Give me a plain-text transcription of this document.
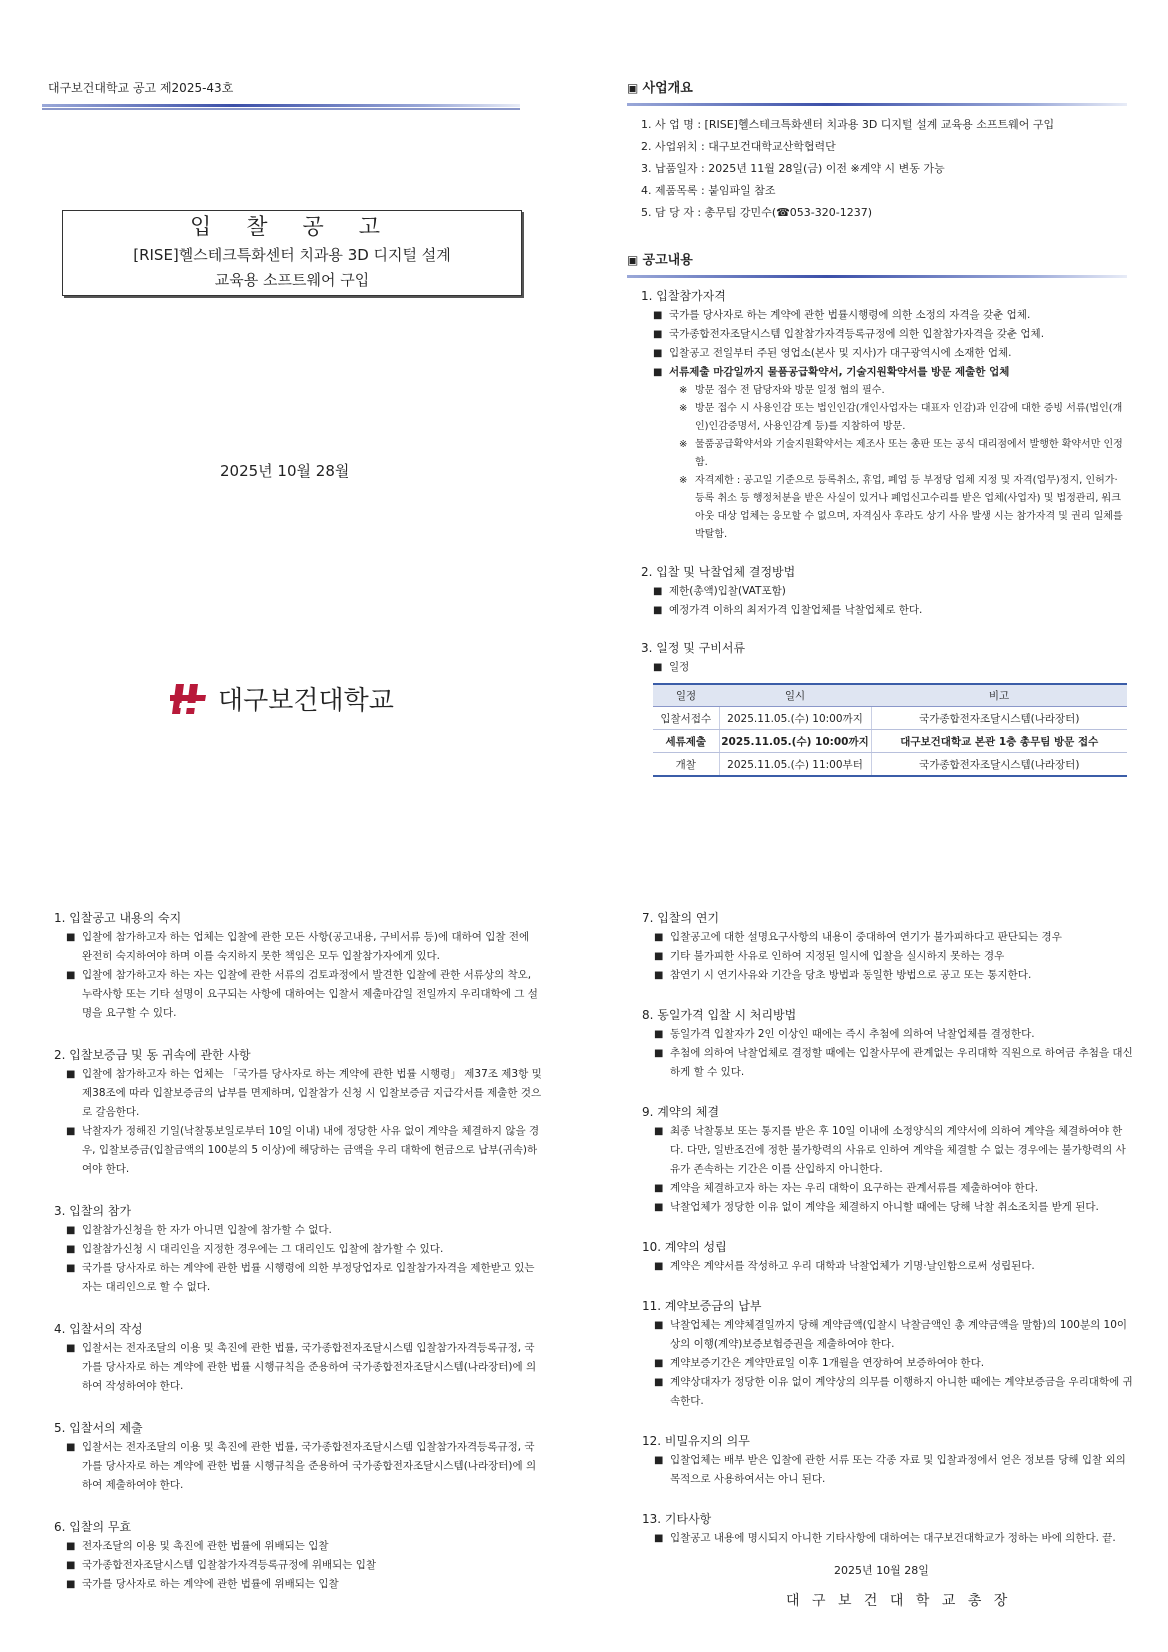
대구보건대학교 공고 제2025-43호
입 찰 공 고
[RISE]헬스테크특화센터 치과용 3D 디지털 설계
교육용 소프트웨어 구입
2025년 10월 28월
대구보건대학교
▣ 사업개요
1. 사 업 명 : [RISE]헬스테크특화센터 치과용 3D 디지털 설계 교육용 소프트웨어 구입
2. 사업위치 : 대구보건대학교산학협력단
3. 납품일자 : 2025년 11월 28일(금) 이전 ※계약 시 변동 가능
4. 제품목록 : 붙임파일 참조
5. 담 당 자 : 총무팀 강민수(☎053-320-1237)
▣ 공고내용
1. 입찰참가자격
■ 국가를 당사자로 하는 계약에 관한 법률시행령에 의한 소정의 자격을 갖춘 업체.
■ 국가종합전자조달시스템 입찰참가자격등록규정에 의한 입찰참가자격을 갖춘 업체.
■ 입찰공고 전일부터 주된 영업소(본사 및 지사)가 대구광역시에 소재한 업체.
■ 서류제출 마감일까지 물품공급확약서, 기술지원확약서를 방문 제출한 업체
※ 방문 접수 전 담당자와 방문 일정 협의 필수.
※ 방문 접수 시 사용인감 또는 법인인감(개인사업자는 대표자 인감)과 인감에 대한 증빙 서류(법인(개인)인감증명서, 사용인감계 등)를 지참하여 방문.
※ 물품공급확약서와 기술지원확약서는 제조사 또는 총판 또는 공식 대리점에서 발행한 확약서만 인정함.
※ 자격제한 : 공고일 기준으로 등록취소, 휴업, 폐업 등 부정당 업체 지정 및 자격(업무)정지, 인허가·등록 취소 등 행정처분을 받은 사실이 있거나 폐업신고수리를 받은 업체(사업자) 및 법정관리, 워크아웃 대상 업체는 응모할 수 없으며, 자격심사 후라도 상기 사유 발생 시는 참가자격 및 권리 일체를 박탈함.
2. 입찰 및 낙찰업체 결정방법
■ 제한(총액)입찰(VAT포함)
■ 예정가격 이하의 최저가격 입찰업체를 낙찰업체로 한다.
3. 일정 및 구비서류
■ 일정
일정	일시	비고
입찰서접수	2025.11.05.(수) 10:00까지	국가종합전자조달시스템(나라장터)
세류제출	2025.11.05.(수) 10:00까지	대구보건대학교 본관 1층 총무팀 방문 접수
개찰	2025.11.05.(수) 11:00부터	국가종합전자조달시스템(나라장터)
1. 입찰공고 내용의 숙지
■ 입찰에 참가하고자 하는 업체는 입찰에 관한 모든 사항(공고내용, 구비서류 등)에 대하여 입찰 전에 완전히 숙지하여야 하며 이를 숙지하지 못한 책임은 모두 입찰참가자에게 있다.
■ 입찰에 참가하고자 하는 자는 입찰에 관한 서류의 검토과정에서 발견한 입찰에 관한 서류상의 착오, 누락사항 또는 기타 설명이 요구되는 사항에 대하여는 입찰서 제출마감일 전일까지 우리대학에 그 설명을 요구할 수 있다.
2. 입찰보증금 및 동 귀속에 관한 사항
■ 입찰에 참가하고자 하는 업체는 「국가를 당사자로 하는 계약에 관한 법률 시행령」 제37조 제3항 및 제38조에 따라 입찰보증금의 납부를 면제하며, 입찰참가 신청 시 입찰보증금 지급각서를 제출한 것으로 갈음한다.
■ 낙찰자가 정해진 기일(낙찰통보일로부터 10일 이내) 내에 정당한 사유 없이 계약을 체결하지 않을 경우, 입찰보증금(입찰금액의 100분의 5 이상)에 해당하는 금액을 우리 대학에 현금으로 납부(귀속)하여야 한다.
3. 입찰의 참가
■ 입찰참가신청을 한 자가 아니면 입찰에 참가할 수 없다.
■ 입찰참가신청 시 대리인을 지정한 경우에는 그 대리인도 입찰에 참가할 수 있다.
■ 국가를 당사자로 하는 계약에 관한 법률 시행령에 의한 부정당업자로 입찰참가자격을 제한받고 있는 자는 대리인으로 할 수 없다.
4. 입찰서의 작성
■ 입찰서는 전자조달의 이용 및 촉진에 관한 법률, 국가종합전자조달시스템 입찰참가자격등록규정, 국가를 당사자로 하는 계약에 관한 법률 시행규칙을 준용하여 국가종합전자조달시스템(나라장터)에 의하여 작성하여야 한다.
5. 입찰서의 제출
■ 입찰서는 전자조달의 이용 및 촉진에 관한 법률, 국가종합전자조달시스템 입찰참가자격등록규정, 국가를 당사자로 하는 계약에 관한 법률 시행규칙을 준용하여 국가종합전자조달시스템(나라장터)에 의하여 제출하여야 한다.
6. 입찰의 무효
■ 전자조달의 이용 및 촉진에 관한 법률에 위배되는 입찰
■ 국가종합전자조달시스템 입찰참가자격등록규정에 위배되는 입찰
■ 국가를 당사자로 하는 계약에 관한 법률에 위배되는 입찰
7. 입찰의 연기
■ 입찰공고에 대한 설명요구사항의 내용이 중대하여 연기가 불가피하다고 판단되는 경우
■ 기타 불가피한 사유로 인하여 지정된 일시에 입찰을 실시하지 못하는 경우
■ 참연기 시 연기사유와 기간을 당초 방법과 동일한 방법으로 공고 또는 통지한다.
8. 동일가격 입찰 시 처리방법
■ 동일가격 입찰자가 2인 이상인 때에는 즉시 추첨에 의하여 낙찰업체를 결정한다.
■ 추첨에 의하여 낙찰업체로 결정할 때에는 입찰사무에 관계없는 우리대학 직원으로 하여금 추첨을 대신하게 할 수 있다.
9. 계약의 체결
■ 최종 낙찰통보 또는 통지를 받은 후 10일 이내에 소정양식의 계약서에 의하여 계약을 체결하여야 한다. 다만, 일반조건에 정한 불가항력의 사유로 인하여 계약을 체결할 수 없는 경우에는 불가항력의 사유가 존속하는 기간은 이를 산입하지 아니한다.
■ 계약을 체결하고자 하는 자는 우리 대학이 요구하는 관계서류를 제출하여야 한다.
■ 낙찰업체가 정당한 이유 없이 계약을 체결하지 아니할 때에는 당해 낙찰 취소조치를 받게 된다.
10. 계약의 성립
■ 계약은 계약서를 작성하고 우리 대학과 낙찰업체가 기명·날인함으로써 성립된다.
11. 계약보증금의 납부
■ 낙찰업체는 계약체결일까지 당해 계약금액(입찰시 낙찰금액인 총 계약금액을 말함)의 100분의 10이상의 이행(계약)보증보험증권을 제출하여야 한다.
■ 계약보증기간은 계약만료일 이후 1개월을 연장하여 보증하여야 한다.
■ 계약상대자가 정당한 이유 없이 계약상의 의무를 이행하지 아니한 때에는 계약보증금을 우리대학에 귀속한다.
12. 비밀유지의 의무
■ 입찰업체는 배부 받은 입찰에 관한 서류 또는 각종 자료 및 입찰과정에서 얻은 정보를 당해 입찰 외의 목적으로 사용하여서는 아니 된다.
13. 기타사항
■ 입찰공고 내용에 명시되지 아니한 기타사항에 대하여는 대구보건대학교가 정하는 바에 의한다. 끝.
2025년 10월 28일
대 구 보 건 대 학 교 총 장
